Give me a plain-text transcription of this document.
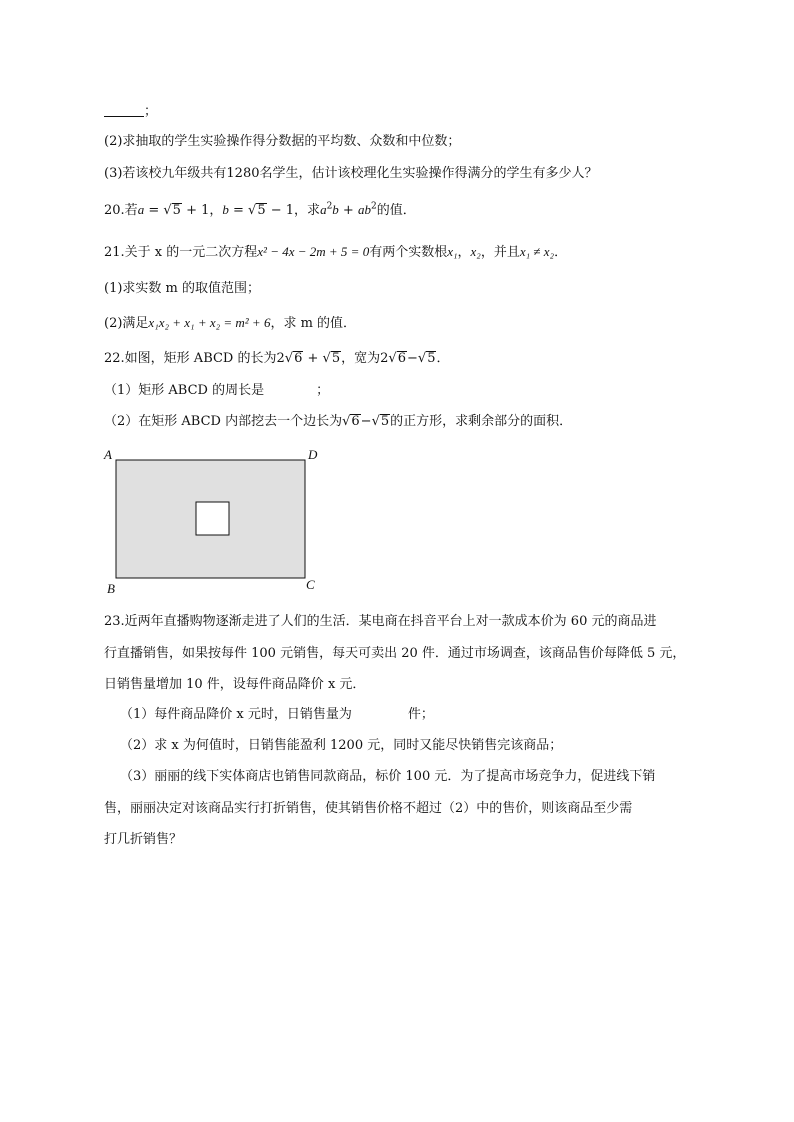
；
(2)求抽取的学生实验操作得分数据的平均数、众数和中位数；
(3)若该校九年级共有1280名学生，估计该校理化生实验操作得满分的学生有多少人？
20.若a = √5 + 1，b = √5 − 1，求$a^2b + ab^2$的值．
21.关于 x 的一元二次方程x² − 4x − 2m + 5 = 0有两个实数根x₁，x₂，并且x₁ ≠ x₂．
(1)求实数 m 的取值范围；
(2)满足x₁x₂ + x₁ + x₂ = m² + 6，求 m 的值．
22.如图，矩形 ABCD 的长为2√6 + √5，宽为2√6−√5．
（1）矩形 ABCD 的周长是	；
（2）在矩形 ABCD 内部挖去一个边长为√6−√5的正方形，求剩余部分的面积．
A	D
B	C
23.近两年直播购物逐渐走进了人们的生活．某电商在抖音平台上对一款成本价为 60 元的商品进
行直播销售，如果按每件 100 元销售，每天可卖出 20 件．通过市场调查，该商品售价每降低 5 元，
日销售量增加 10 件，设每件商品降价 x 元．
（1）每件商品降价 x 元时，日销售量为	件；
（2）求 x 为何值时，日销售能盈利 1200 元，同时又能尽快销售完该商品；
（3）丽丽的线下实体商店也销售同款商品，标价 100 元．为了提高市场竞争力，促进线下销
售，丽丽决定对该商品实行打折销售，使其销售价格不超过（2）中的售价，则该商品至少需
打几折销售？
